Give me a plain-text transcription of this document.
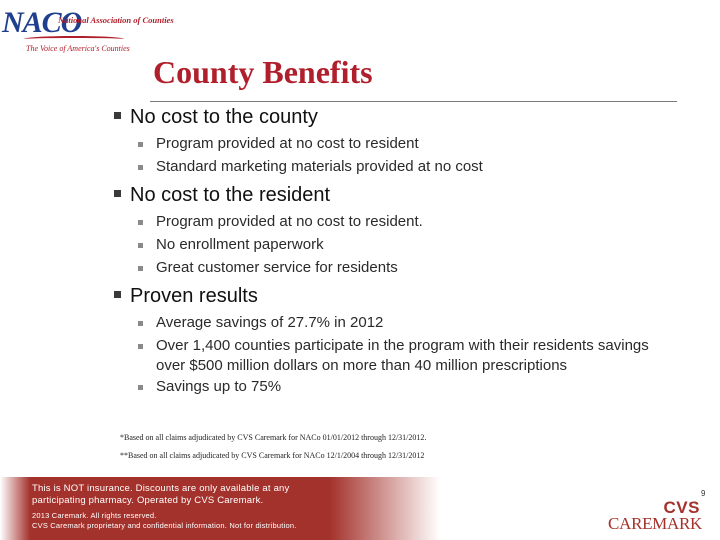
NACO
National Association of Counties
The Voice of America's Counties
County Benefits
No cost to the county
Program provided at no cost to resident
Standard marketing materials provided at no cost
No cost to the resident
Program provided at no cost to resident.
No enrollment paperwork
Great customer service for residents
Proven results
Average savings of 27.7% in 2012
Over 1,400 counties participate in the program with their residents savings over $500 million dollars on more than 40 million prescriptions
Savings up to 75%
*Based on all claims adjudicated by CVS Caremark for NACo 01/01/2012 through 12/31/2012.
**Based on all claims adjudicated by CVS Caremark for NACo 12/1/2004 through 12/31/2012
This is NOT insurance. Discounts are only available at any participating pharmacy. Operated by CVS Caremark.
2013 Caremark. All rights reserved.
CVS Caremark proprietary and confidential information. Not for distribution.
9
CVS
CAREMARK
